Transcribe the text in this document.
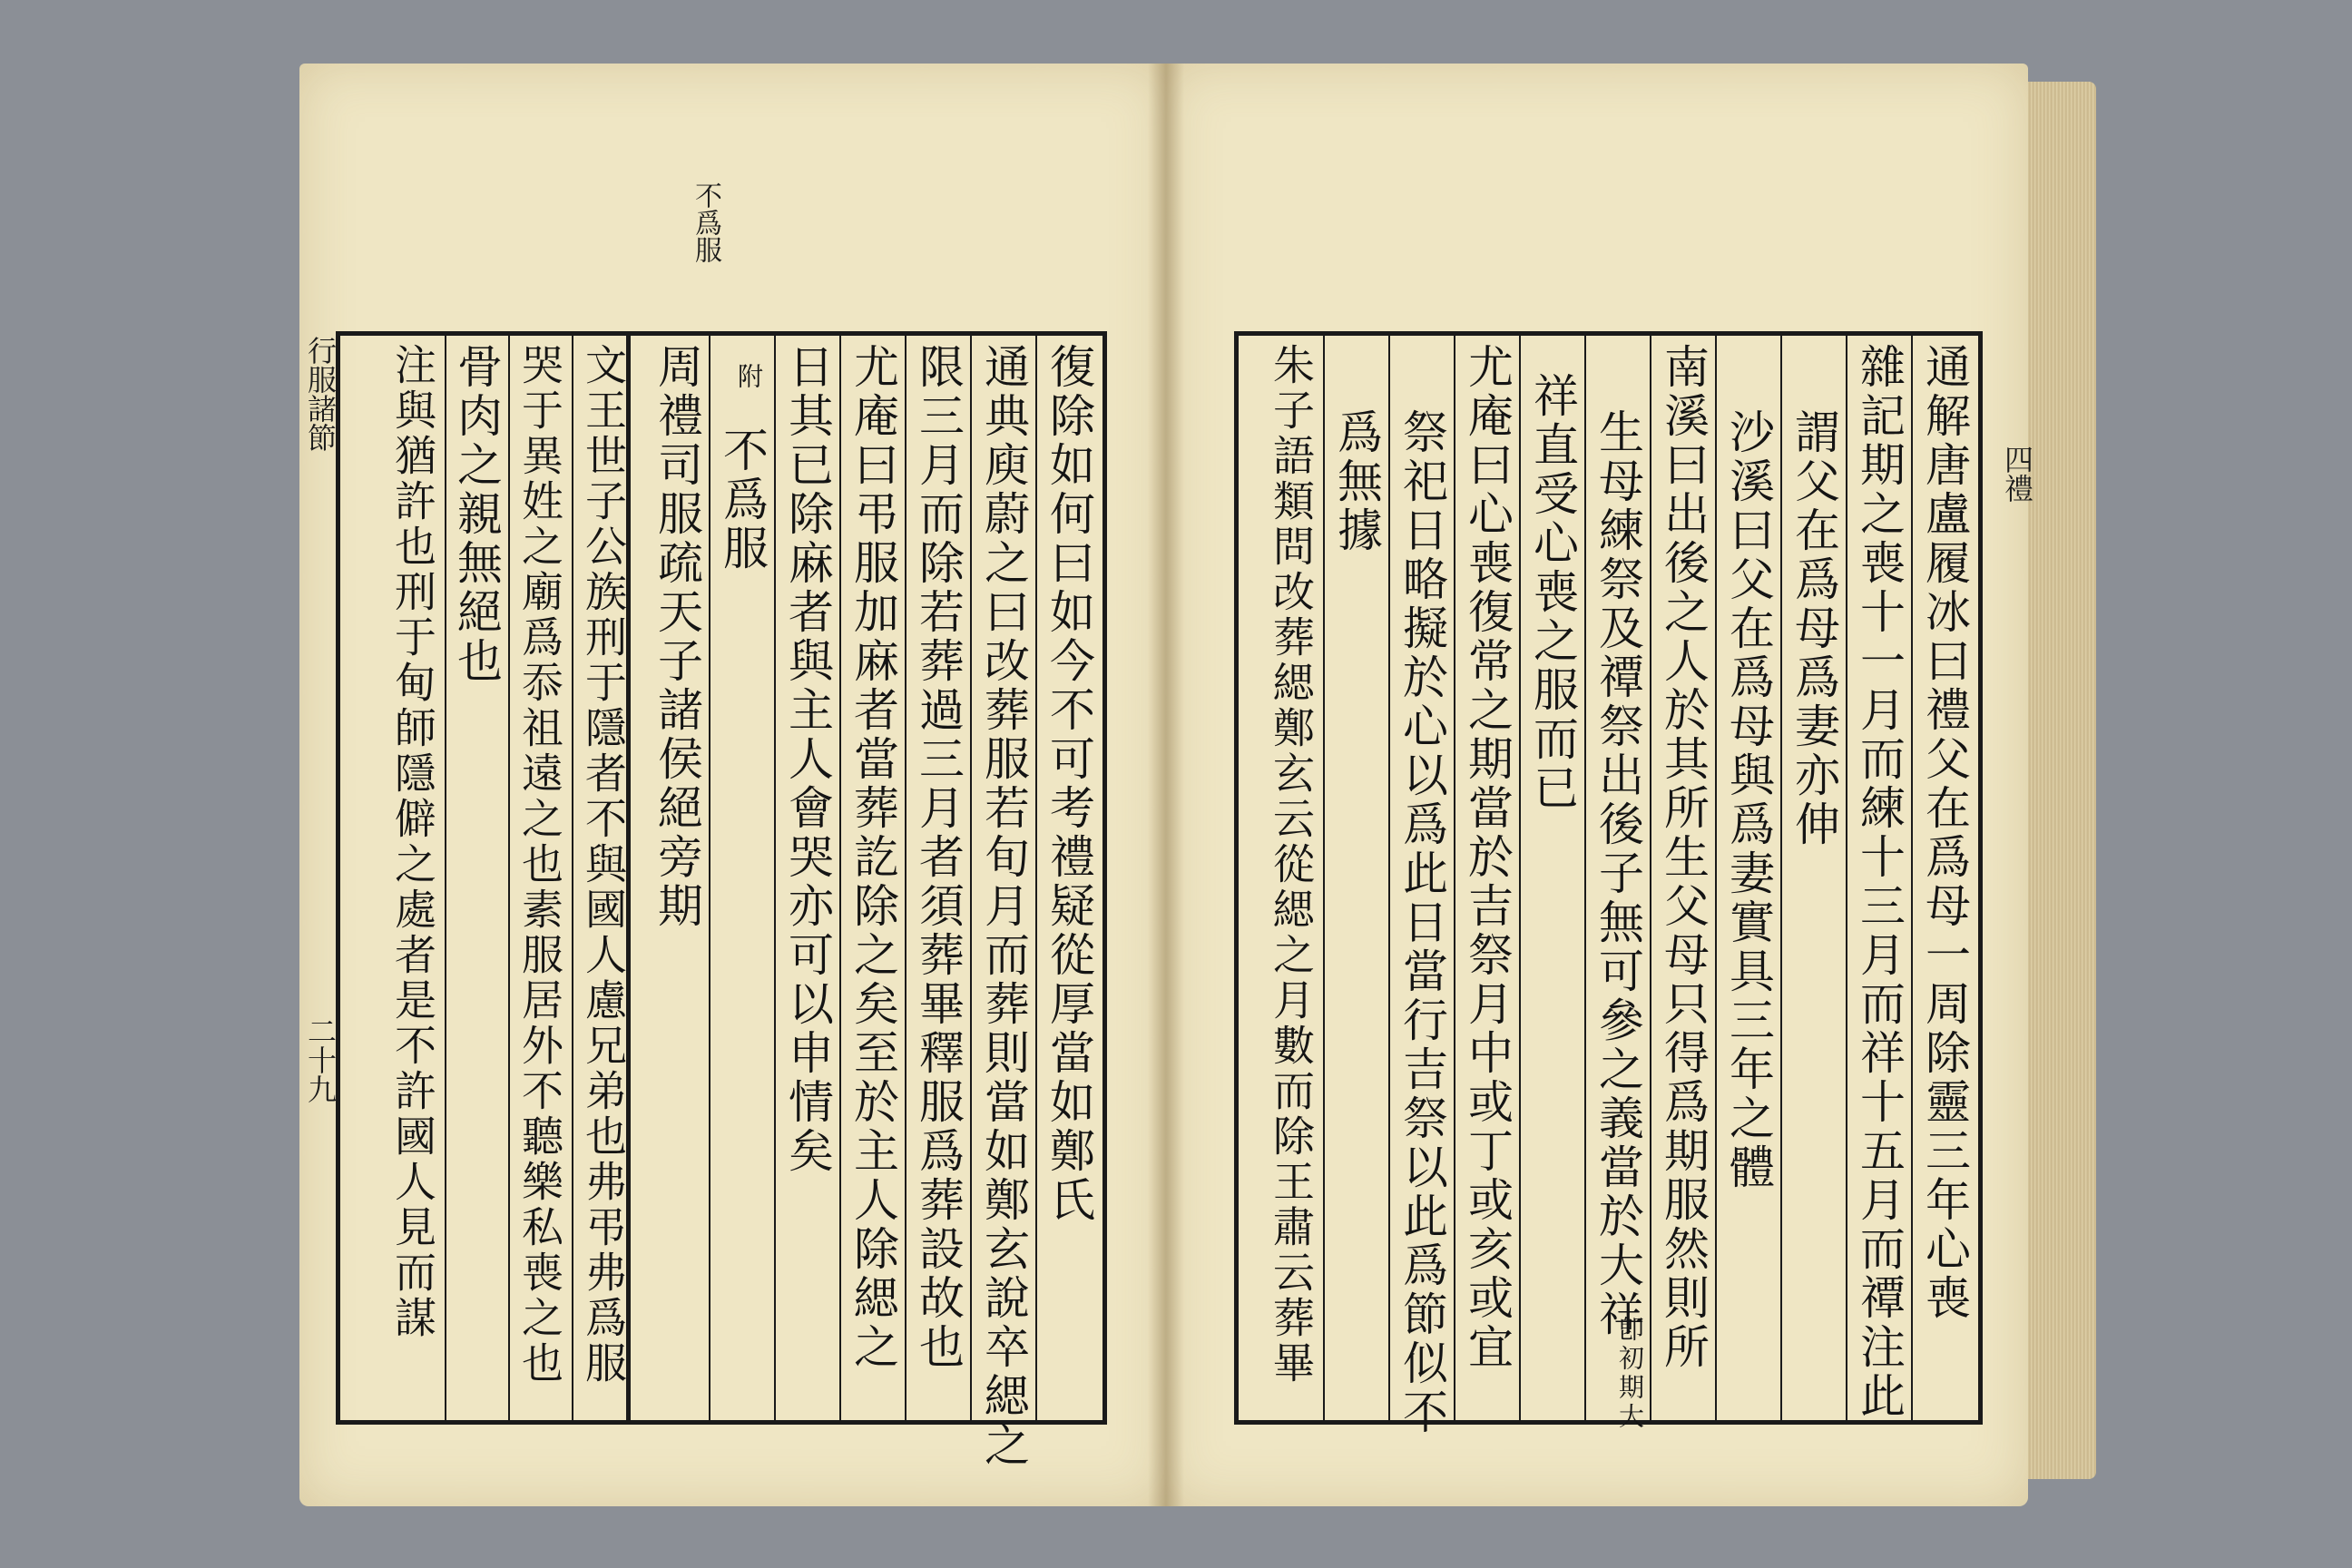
不爲服
復除如何曰如今不可考禮疑從厚當如鄭氏
通典庾蔚之曰改葬服若旬月而葬則當如鄭玄說卒緦之
限三月而除若葬過三月者須葬畢釋服爲葬設故也
尤庵曰弔服加麻者當葬訖除之矣至於主人除緦之
日其已除麻者與主人會哭亦可以申情矣
附
不爲服
周禮司服疏天子諸侯絕旁期
文王世子公族刑于隱者不與國人慮兄弟也弗弔弗爲服
哭于異姓之廟爲忝祖遠之也素服居外不聽樂私喪之也
骨肉之親無絕也
注與猶許也刑于甸師隱僻之處者是不許國人見而謀
行服諸節
二十九	通解唐盧履冰曰禮父在爲母一周除靈三年心喪
雜記期之喪十一月而練十三月而祥十五月而禫注此
謂父在爲母爲妻亦伸
沙溪曰父在爲母與爲妻實具三年之體
南溪曰出後之人於其所生父母只得爲期服然則所
生母練祭及禫祭出後子無可參之義當於大祥
卽初期大
祥直受心喪之服而已
尤庵曰心喪復常之期當於吉祭月中或丁或亥或宜
祭祀日略擬於心以爲此日當行吉祭以此爲節似不
爲無據
朱子語類問改葬緦鄭玄云從緦之月數而除王肅云葬畢	四禮
